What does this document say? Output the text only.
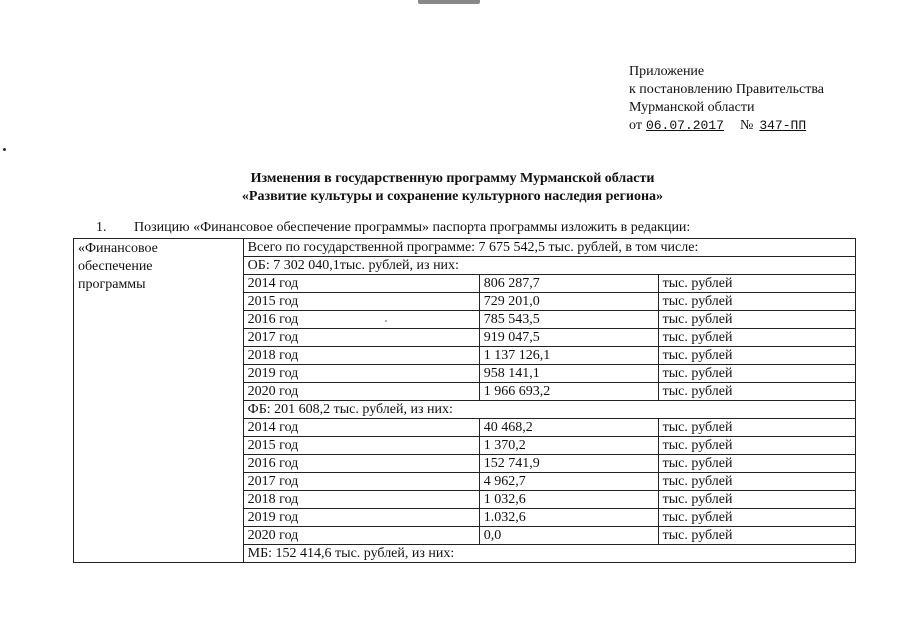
Приложение
к постановлению Правительства
Мурманской области
от 06.07.2017 № 347-ПП
Изменения в государственную программу Мурманской области
«Развитие культуры и сохранение культурного наследия региона»
1. Позицию «Финансовое обеспечение программы» паспорта программы изложить в редакции:
«Финансовое
обеспечение
программы	Всего по государственной программе: 7 675 542,5 тыс. рублей, в том числе:		
	ОБ: 7 302 040,1тыс. рублей, из них:		
	2014 год	806 287,7	тыс. рублей
	2015 год	729 201,0	тыс. рублей
	2016 год	785 543,5	тыс. рублей
	2017 год	919 047,5	тыс. рублей
	2018 год	1 137 126,1	тыс. рублей
	2019 год	958 141,1	тыс. рублей
	2020 год	1 966 693,2	тыс. рублей
	ФБ: 201 608,2 тыс. рублей, из них:		
	2014 год	40 468,2	тыс. рублей
	2015 год	1 370,2	тыс. рублей
	2016 год	152 741,9	тыс. рублей
	2017 год	4 962,7	тыс. рублей
	2018 год	1 032,6	тыс. рублей
	2019 год	1.032,6	тыс. рублей
	2020 год	0,0	тыс. рублей
	МБ: 152 414,6 тыс. рублей, из них:		
